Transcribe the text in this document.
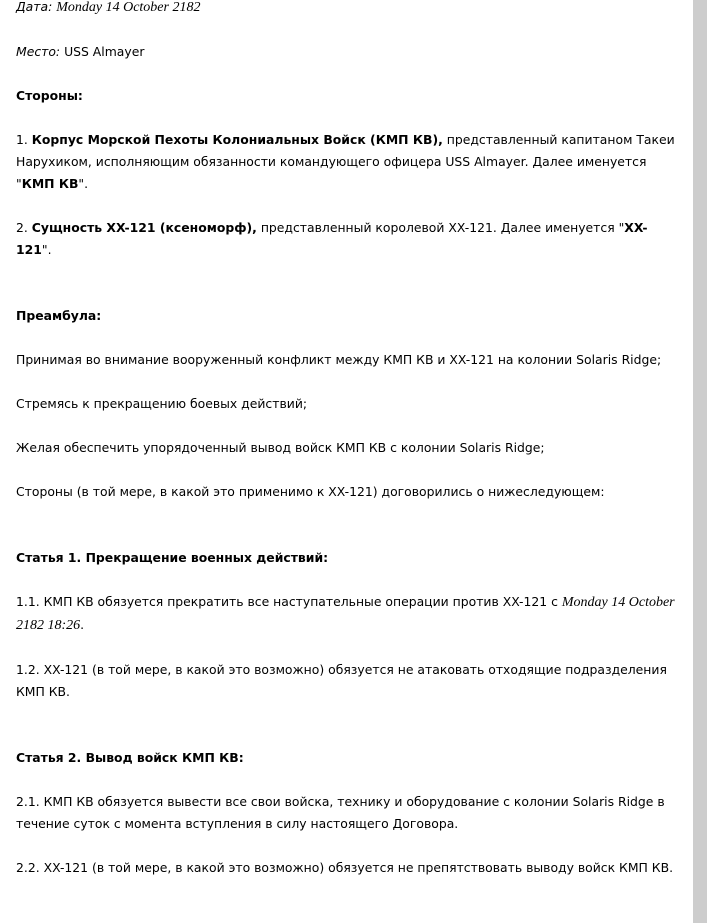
Дата: Monday 14 October 2182

Место: USS Almayer

Стороны:

1. Корпус Морской Пехоты Колониальных Войск (КМП КВ), представленный капитаном Такеи Нарухиком, исполняющим обязанности командующего офицера USS Almayer. Далее именуется "КМП КВ".

2. Сущность XX-121 (ксеноморф), представленный королевой XX-121. Далее именуется "XX-121".

Преамбула:

Принимая во внимание вооруженный конфликт между КМП КВ и XX-121 на колонии Solaris Ridge;

Стремясь к прекращению боевых действий;

Желая обеспечить упорядоченный вывод войск КМП КВ с колонии Solaris Ridge;

Стороны (в той мере, в какой это применимо к XX-121) договорились о нижеследующем:

Статья 1. Прекращение военных действий:

1.1. КМП КВ обязуется прекратить все наступательные операции против XX-121 с Monday 14 October 2182 18:26.

1.2. XX-121 (в той мере, в какой это возможно) обязуется не атаковать отходящие подразделения КМП КВ.

Статья 2. Вывод войск КМП КВ:

2.1. КМП КВ обязуется вывести все свои войска, технику и оборудование с колонии Solaris Ridge в течение суток с момента вступления в силу настоящего Договора.

2.2. XX-121 (в той мере, в какой это возможно) обязуется не препятствовать выводу войск КМП КВ.
